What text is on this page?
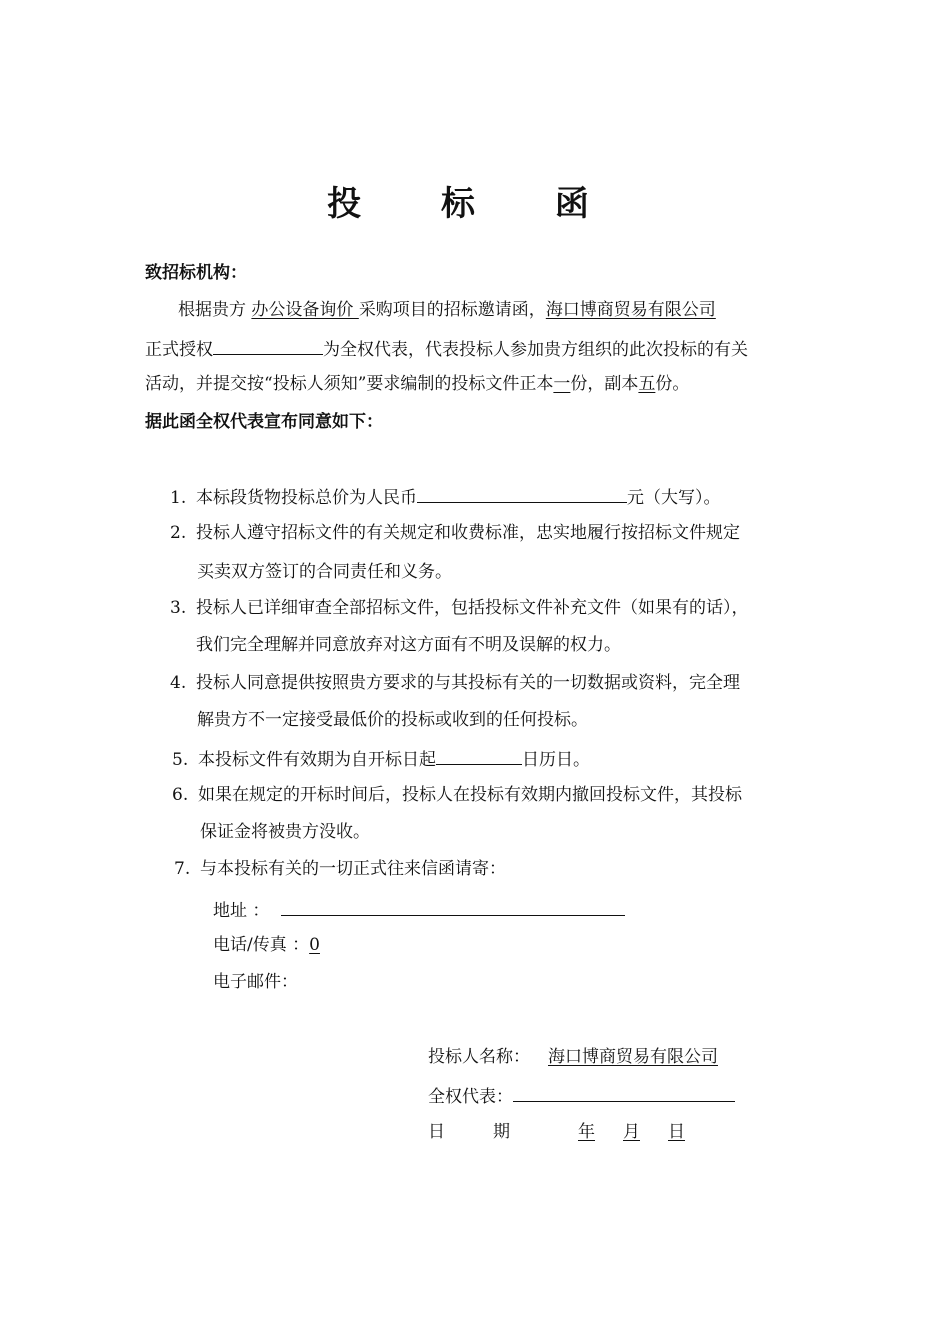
投 标 函
致招标机构：
根据贵方 办公设备询价 采购项目的招标邀请函，海口博商贸易有限公司
正式授权	为全权代表，代表投标人参加贵方组织的此次投标的有关
活动，并提交按“投标人须知”要求编制的投标文件正本一份，副本五份。
据此函全权代表宣布同意如下：
1. 本标段货物投标总价为人民币	元（大写）。
2. 投标人遵守招标文件的有关规定和收费标准，忠实地履行按招标文件规定
买卖双方签订的合同责任和义务。
3. 投标人已详细审查全部招标文件，包括投标文件补充文件（如果有的话），
我们完全理解并同意放弃对这方面有不明及误解的权力。
4. 投标人同意提供按照贵方要求的与其投标有关的一切数据或资料，完全理
解贵方不一定接受最低价的投标或收到的任何投标。
5. 本投标文件有效期为自开标日起	日历日。
6. 如果在规定的开标时间后，投标人在投标有效期内撤回投标文件，其投标
保证金将被贵方没收。
7. 与本投标有关的一切正式往来信函请寄：
地址 ：
电话/传真 ：0
电子邮件：
投标人名称： 海口博商贸易有限公司
全权代表：
日	期	年 月 日
